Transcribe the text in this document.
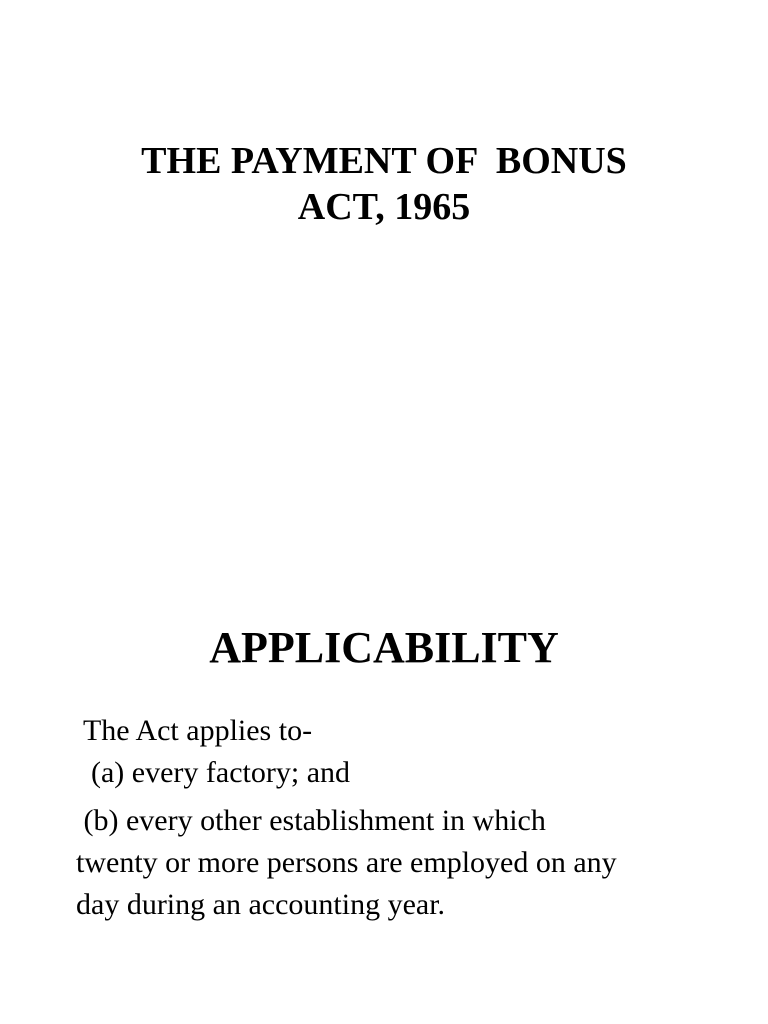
THE PAYMENT OF  BONUS
ACT, 1965
APPLICABILITY
The Act applies to-
(a) every factory; and
(b) every other establishment in which
twenty or more persons are employed on any
day during an accounting year.
